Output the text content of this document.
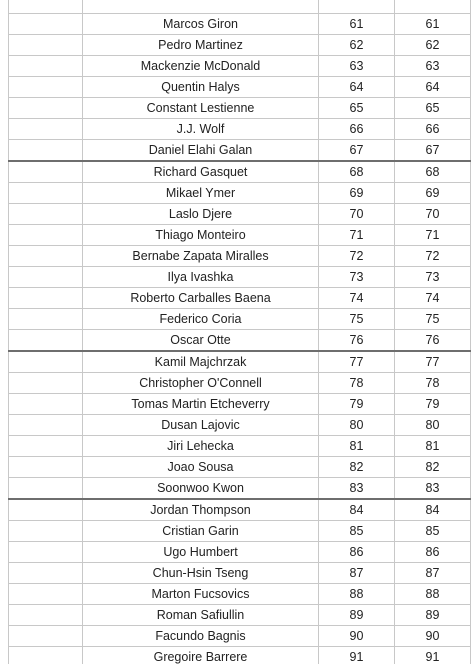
	Marcos Giron	61	61
	Pedro Martinez	62	62
	Mackenzie McDonald	63	63
	Quentin Halys	64	64
	Constant Lestienne	65	65
	J.J. Wolf	66	66
	Daniel Elahi Galan	67	67
	Richard Gasquet	68	68
	Mikael Ymer	69	69
	Laslo Djere	70	70
	Thiago Monteiro	71	71
	Bernabe Zapata Miralles	72	72
	Ilya Ivashka	73	73
	Roberto Carballes Baena	74	74
	Federico Coria	75	75
	Oscar Otte	76	76
	Kamil Majchrzak	77	77
	Christopher O'Connell	78	78
	Tomas Martin Etcheverry	79	79
	Dusan Lajovic	80	80
	Jiri Lehecka	81	81
	Joao Sousa	82	82
	Soonwoo Kwon	83	83
	Jordan Thompson	84	84
	Cristian Garin	85	85
	Ugo Humbert	86	86
	Chun-Hsin Tseng	87	87
	Marton Fucsovics	88	88
	Roman Safiullin	89	89
	Facundo Bagnis	90	90
	Gregoire Barrere	91	91
